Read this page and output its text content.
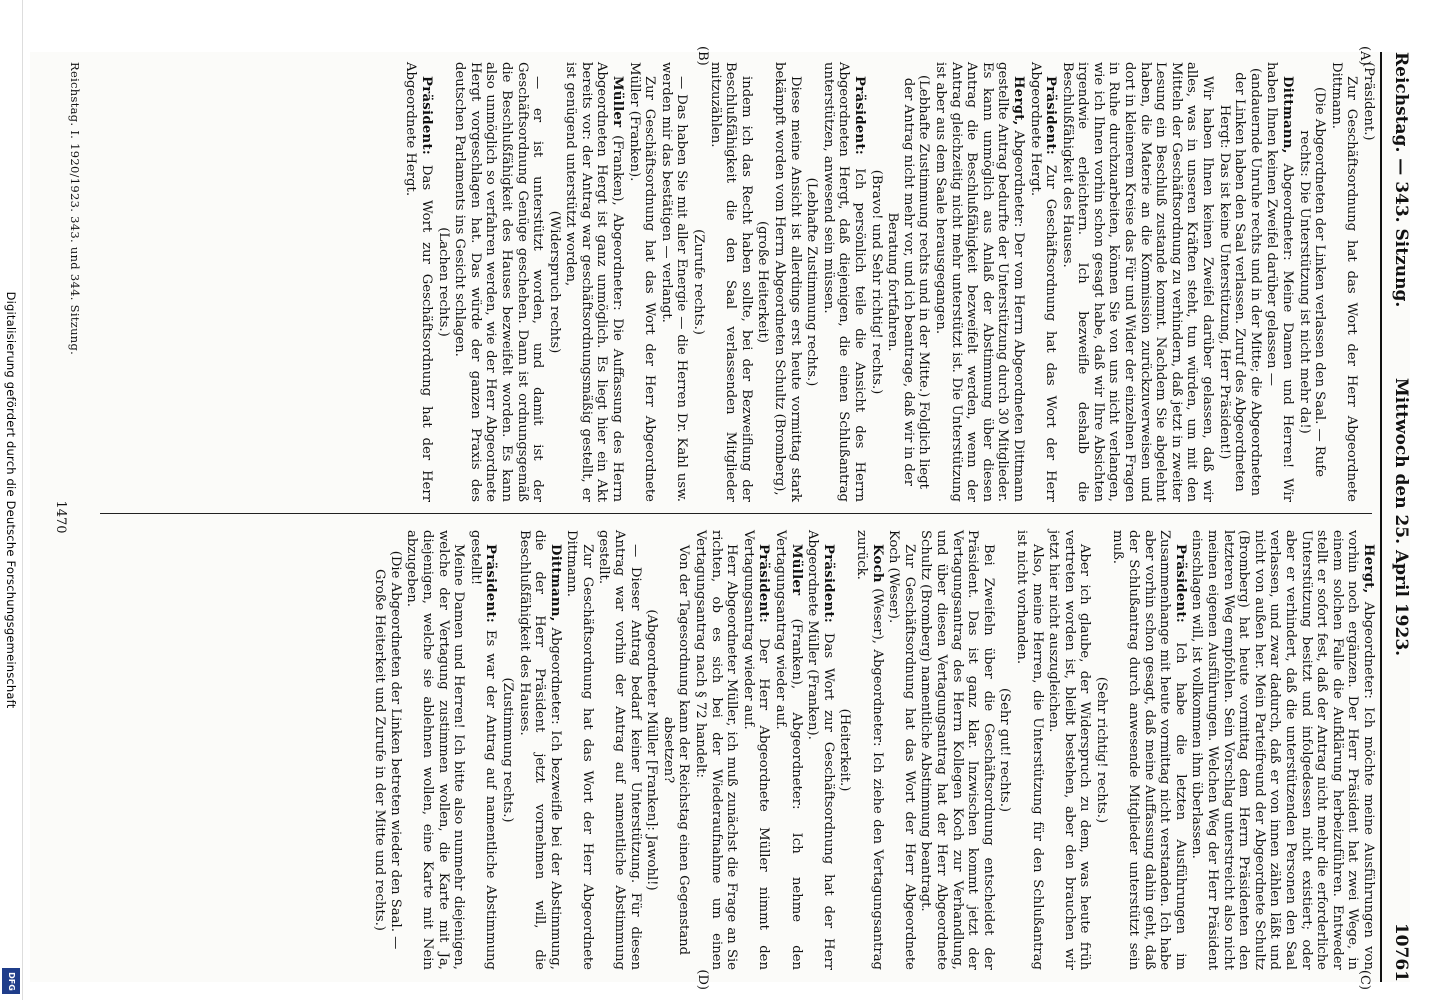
Digitalisierung gefördert durch die Deutsche Forschungsgemeinschaft
DFG
Reichstag. — 343. Sitzung.
Mittwoch den 25. April 1923.
10761
(A)
(B)
(C)
(D)

(Präsident.)

Zur Geschäftsordnung hat das Wort der Herr Abgeordnete Dittmann.

(Die Abgeordneten der Linken verlassen den Saal. — Rufe rechts: Die Unterstützung ist nicht mehr da!)

Dittmann, Abgeordneter: Meine Damen und Herren! Wir haben Ihnen keinen Zweifel darüber gelassen —

(andauernde Unruhe rechts und in der Mitte; die Abgeordneten der Linken haben den Saal verlassen. Zuruf des Abgeordneten Hergt: Das ist keine Unterstützung, Herr Präsident!)

Wir haben Ihnen keinen Zweifel darüber gelassen, daß wir alles, was in unseren Kräften steht, tun würden, um mit den Mitteln der Geschäftsordnung zu verhindern, daß jetzt in zweiter Lesung ein Beschluß zustande kommt. Nachdem Sie abgelehnt haben, die Materie an die Kommission zurückzuverweisen und dort in kleinerem Kreise das Für und Wider der einzelnen Fragen in Ruhe durchzuarbeiten, können Sie von uns nicht verlangen, wie ich Ihnen vorhin schon gesagt habe, daß wir Ihre Absichten irgendwie erleichtern. Ich bezweifle deshalb die Beschlußfähigkeit des Hauses.

Präsident: Zur Geschäftsordnung hat das Wort der Herr Abgeordnete Hergt.

Hergt, Abgeordneter: Der vom Herrn Abgeordneten Dittmann gestellte Antrag bedurfte der Unterstützung durch 30 Mitglieder. Es kann unmöglich aus Anlaß der Abstimmung über diesen Antrag die Beschlußfähigkeit bezweifelt werden, wenn der Antrag gleichzeitig nicht mehr unterstützt ist. Die Unterstützung ist aber aus dem Saale herausgegangen.

(Lebhafte Zustimmung rechts und in der Mitte.) Folglich liegt der Antrag nicht mehr vor, und ich beantrage, daß wir in der Beratung fortfahren.

(Bravo! und Sehr richtig! rechts.)

Präsident: Ich persönlich teile die Ansicht des Herrn Abgeordneten Hergt, daß diejenigen, die einen Schlußantrag unterstützen, anwesend sein müssen.

(Lebhafte Zustimmung rechts.)

Diese meine Ansicht ist allerdings erst heute vormittag stark bekämpft worden vom Herrn Abgeordneten Schultz (Bromberg),

(große Heiterkeit)

indem ich das Recht haben sollte, bei der Bezweiflung der Beschlußfähigkeit die den Saal verlassenden Mitglieder mitzuzählen.

(Zurufe rechts.)

— Das haben Sie mit aller Energie — die Herren Dr. Kahl usw. werden mir das bestätigen — verlangt.

Zur Geschäftsordnung hat das Wort der Herr Abgeordnete Müller (Franken).

Müller (Franken), Abgeordneter: Die Auffassung des Herrn Abgeordneten Hergt ist ganz unmöglich. Es liegt hier ein Akt bereits vor: der Antrag war geschäftsordnungsmäßig gestellt, er ist genügend unterstützt worden,

(Widerspruch rechts)

— er ist unterstützt worden, und damit ist der Geschäftsordnung Genüge geschehen. Dann ist ordnungsgemäß die Beschlußfähigkeit des Hauses bezweifelt worden. Es kann also unmöglich so verfahren werden, wie der Herr Abgeordnete Hergt vorgeschlagen hat. Das würde der ganzen Praxis des deutschen Parlaments ins Gesicht schlagen.

(Lachen rechts.)

Präsident: Das Wort zur Geschäftsordnung hat der Herr Abgeordnete Hergt.

Hergt, Abgeordneter: Ich möchte meine Ausführungen von vorhin noch ergänzen. Der Herr Präsident hat zwei Wege, in einem solchen Falle die Aufklärung herbeizuführen. Entweder stellt er sofort fest, daß der Antrag nicht mehr die erforderliche Unterstützung besitzt und infolgedessen nicht existiert; oder aber er verhindert, daß die unterstützenden Personen den Saal verlassen, und zwar dadurch, daß er von innen zählen läßt und nicht von außen her. Mein Parteifreund der Abgeordnete Schultz (Bromberg) hat heute vormittag dem Herrn Präsidenten den letzteren Weg empfohlen. Sein Vorschlag unterstreicht also nicht meinen eigenen Ausführungen. Welchen Weg der Herr Präsident einschlagen will, ist vollkommen ihm überlassen.

Präsident: Ich habe die letzten Ausführungen im Zusammenhange mit heute vormittag nicht verstanden. Ich habe aber vorhin schon gesagt, daß meine Auffassung dahin geht, daß der Schlußantrag durch anwesende Mitglieder unterstützt sein muß.

(Sehr richtig! rechts.)

Aber ich glaube, der Widerspruch zu dem, was heute früh vertreten worden ist, bleibt bestehen, aber den brauchen wir jetzt hier nicht auszugleichen.

Also, meine Herren, die Unterstützung für den Schlußantrag ist nicht vorhanden.

(Sehr gut! rechts.)

Bei Zweifeln über die Geschäftsordnung entscheidet der Präsident. Das ist ganz klar. Inzwischen kommt jetzt der Vertagungsantrag des Herrn Kollegen Koch zur Verhandlung, und über diesen Vertagungsantrag hat der Herr Abgeordnete Schultz (Bromberg) namentliche Abstimmung beantragt.

Zur Geschäftsordnung hat das Wort der Herr Abgeordnete Koch (Weser).

Koch (Weser), Abgeordneter: Ich ziehe den Vertagungsantrag zurück.

(Heiterkeit.)

Präsident: Das Wort zur Geschäftsordnung hat der Herr Abgeordnete Müller (Franken).

Müller (Franken), Abgeordneter: Ich nehme den Vertagungsantrag wieder auf.

Präsident: Der Herr Abgeordnete Müller nimmt den Vertagungsantrag wieder auf.

Herr Abgeordneter Müller, ich muß zunächst die Frage an Sie richten, ob es sich bei der Wiederaufnahme um einen Vertagungsantrag nach § 72 handelt:

Von der Tagesordnung kann der Reichstag einen Gegenstand absetzen?

(Abgeordneter Müller [Franken]: Jawohl!)

— Dieser Antrag bedarf keiner Unterstützung. Für diesen Antrag war vorhin der Antrag auf namentliche Abstimmung gestellt.

Zur Geschäftsordnung hat das Wort der Herr Abgeordnete Dittmann.

Dittmann, Abgeordneter: Ich bezweifle bei der Abstimmung, die der Herr Präsident jetzt vornehmen will, die Beschlußfähigkeit des Hauses.

(Zustimmung rechts.)

Präsident: Es war der Antrag auf namentliche Abstimmung gestellt!

Meine Damen und Herren! Ich bitte also nunmehr diejenigen, welche der Vertagung zustimmen wollen, die Karte mit Ja, diejenigen, welche sie ablehnen wollen, eine Karte mit Nein abzugeben.

(Die Abgeordneten der Linken betreten wieder den Saal. — Große Heiterkeit und Zurufe in der Mitte und rechts.)

Reichstag. I. 1920/1923. 343. und 344. Sitzung.
1470
